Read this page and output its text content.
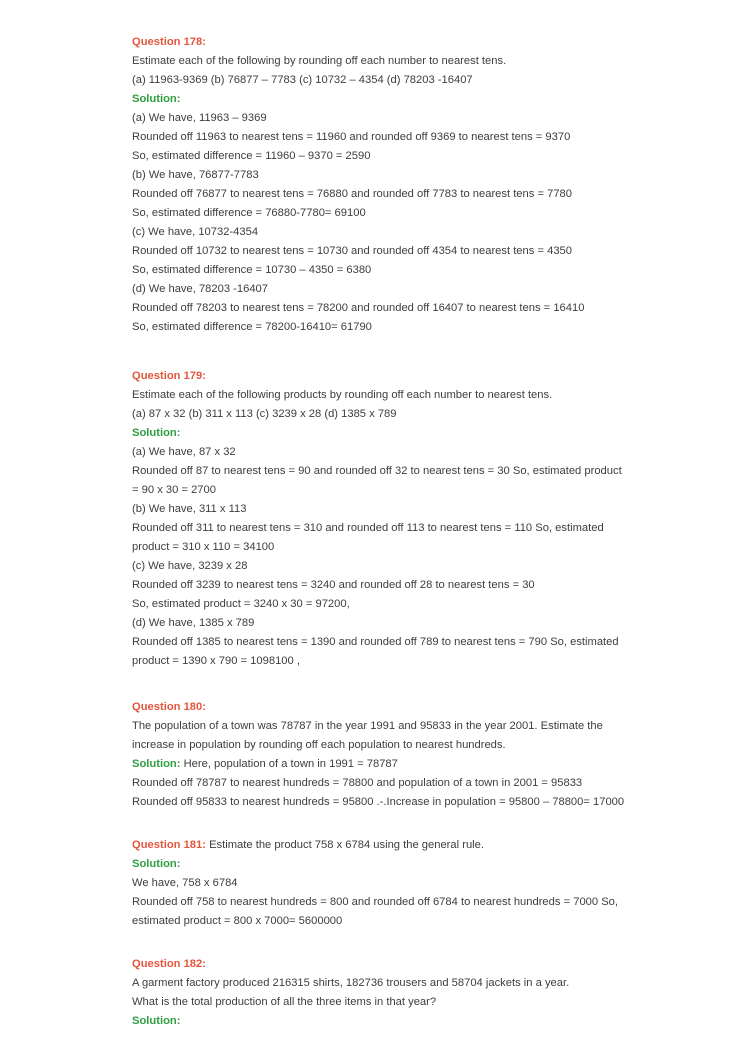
Question 178:

Estimate each of the following by rounding off each number to nearest tens.

(a) 11963-9369 (b) 76877 – 7783 (c) 10732 – 4354 (d) 78203 -16407

Solution:

(a) We have, 11963 – 9369

Rounded off 11963 to nearest tens = 11960 and rounded off 9369 to nearest tens = 9370

So, estimated difference = 11960 – 9370 = 2590

(b) We have, 76877-7783

Rounded off 76877 to nearest tens = 76880 and rounded off 7783 to nearest tens = 7780

So, estimated difference = 76880-7780= 69100

(c) We have, 10732-4354

Rounded off 10732 to nearest tens = 10730 and rounded off 4354 to nearest tens = 4350

So, estimated difference = 10730 – 4350 = 6380

(d) We have, 78203 -16407

Rounded off 78203 to nearest tens = 78200 and rounded off 16407 to nearest tens = 16410

So, estimated difference = 78200-16410= 61790

Question 179:

Estimate each of the following products by rounding off each number to nearest tens.

(a) 87 x 32 (b) 311 x 113 (c) 3239 x 28 (d) 1385 x 789

Solution:

(a) We have, 87 x 32

Rounded off 87 to nearest tens = 90 and rounded off 32 to nearest tens = 30 So, estimated product = 90 x 30 = 2700

(b) We have, 311 x 113

Rounded off 311 to nearest tens = 310 and rounded off 113 to nearest tens = 110 So, estimated product = 310 x 110 = 34100

(c) We have, 3239 x 28

Rounded off 3239 to nearest tens = 3240 and rounded off 28 to nearest tens = 30

So, estimated product = 3240 x 30 = 97200,

(d) We have, 1385 x 789

Rounded off 1385 to nearest tens = 1390 and rounded off 789 to nearest tens = 790 So, estimated product = 1390 x 790 = 1098100 ,

Question 180:

The population of a town was 78787 in the year 1991 and 95833 in the year 2001. Estimate the increase in population by rounding off each population to nearest hundreds.

Solution: Here, population of a town in 1991 = 78787

Rounded off 78787 to nearest hundreds = 78800 and population of a town in 2001 = 95833

Rounded off 95833 to nearest hundreds = 95800 .-.Increase in population = 95800 – 78800= 17000

Question 181: Estimate the product 758 x 6784 using the general rule.

Solution:

We have, 758 x 6784

Rounded off 758 to nearest hundreds = 800 and rounded off 6784 to nearest hundreds = 7000 So, estimated product = 800 x 7000= 5600000

Question 182:

A garment factory produced 216315 shirts, 182736 trousers and 58704 jackets in a year.

What is the total production of all the three items in that year?

Solution:
